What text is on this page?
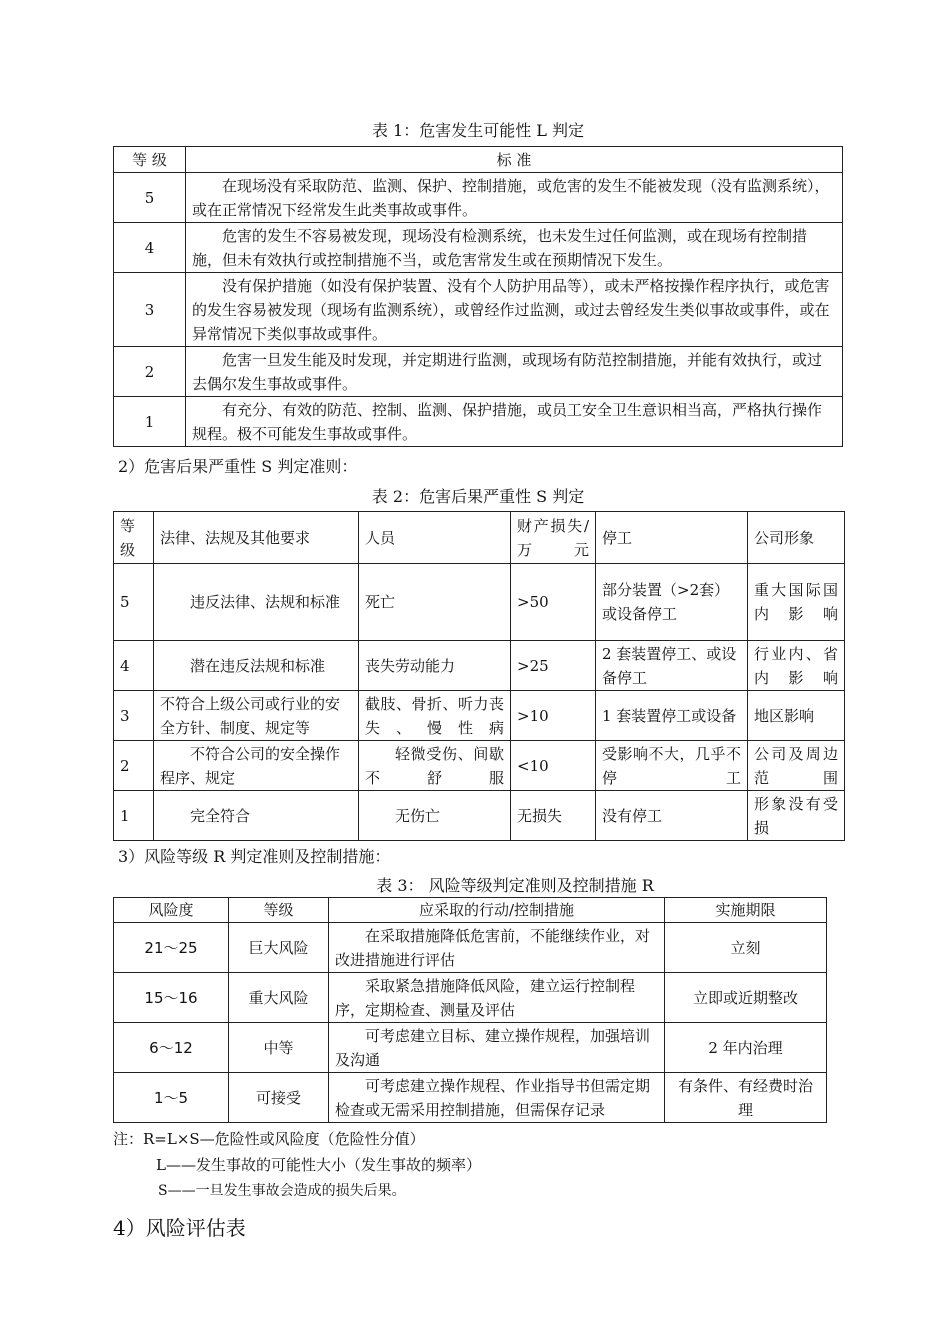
表 1：危害发生可能性 L 判定
等 级	标 准
5	在现场没有采取防范、监测、保护、控制措施，或危害的发生不能被发现（没有监测系统），或在正常情况下经常发生此类事故或事件。
4	危害的发生不容易被发现，现场没有检测系统，也未发生过任何监测，或在现场有控制措施，但未有效执行或控制措施不当，或危害常发生或在预期情况下发生。
3	没有保护措施（如没有保护装置、没有个人防护用品等），或未严格按操作程序执行，或危害的发生容易被发现（现场有监测系统），或曾经作过监测，或过去曾经发生类似事故或事件，或在异常情况下类似事故或事件。
2	危害一旦发生能及时发现，并定期进行监测，或现场有防范控制措施，并能有效执行，或过去偶尔发生事故或事件。
1	有充分、有效的防范、控制、监测、保护措施，或员工安全卫生意识相当高，严格执行操作规程。极不可能发生事故或事件。
2）危害后果严重性 S 判定准则：
表 2：危害后果严重性 S 判定
等级	法律、法规及其他要求	人员	财产损失/万元	停工	公司形象
5	违反法律、法规和标准	死亡	>50	部分装置（>2套）或设备停工	重大国际国内影响
4	潜在违反法规和标准	丧失劳动能力	>25	2 套装置停工、或设备停工	行业内、省内影响
3	不符合上级公司或行业的安全方针、制度、规定等	截肢、骨折、听力丧失、慢性病	>10	1 套装置停工或设备	地区影响
2	不符合公司的安全操作程序、规定	轻微受伤、间歇不舒服	<10	受影响不大，几乎不停工	公司及周边范围
1	完全符合	无伤亡	无损失	没有停工	形象没有受损
3）风险等级 R 判定准则及控制措施：
表 3： 风险等级判定准则及控制措施 R
风险度	等级	应采取的行动/控制措施	实施期限
21～25	巨大风险	在采取措施降低危害前，不能继续作业，对改进措施进行评估	立刻
15～16	重大风险	采取紧急措施降低风险，建立运行控制程序，定期检查、测量及评估	立即或近期整改
6～12	中等	可考虑建立目标、建立操作规程，加强培训及沟通	2 年内治理
1～5	可接受	可考虑建立操作规程、作业指导书但需定期检查或无需采用控制措施，但需保存记录	有条件、有经费时治理
注：R=L×S—危险性或风险度（危险性分值）
L——发生事故的可能性大小（发生事故的频率）
S——一旦发生事故会造成的损失后果。
4）风险评估表
